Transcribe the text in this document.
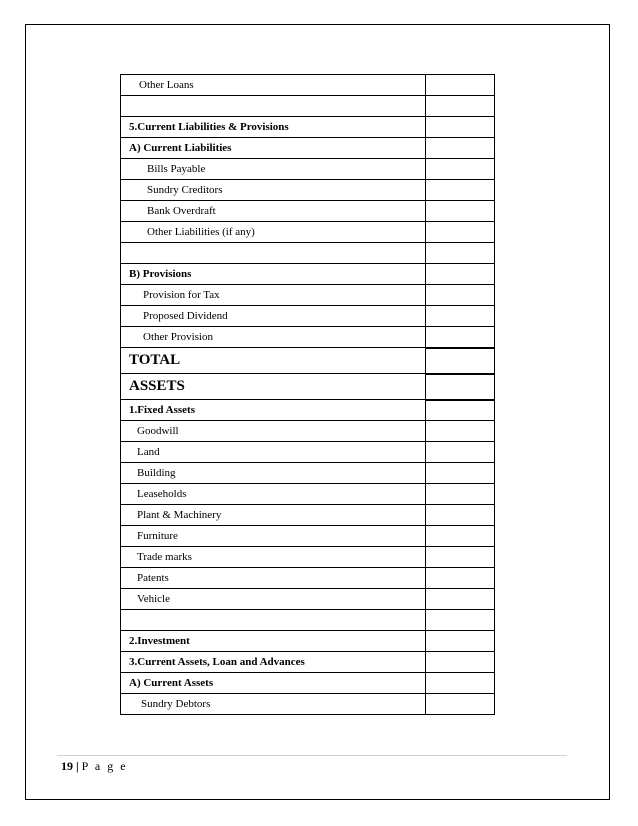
Other Loans	

5.Current Liabilities & Provisions	
A) Current Liabilities	
Bills Payable	
Sundry Creditors	
Bank Overdraft	
Other Liabilities (if any)	

B) Provisions	
Provision for Tax	
Proposed Dividend	
Other Provision	
TOTAL	
ASSETS	
1.Fixed Assets	
Goodwill	
Land	
Building	
Leaseholds	
Plant & Machinery	
Furniture	
Trade marks	
Patents	
Vehicle	

2.Investment	
3.Current Assets, Loan and Advances	
A) Current Assets	
Sundry Debtors	
19 | P a g e
